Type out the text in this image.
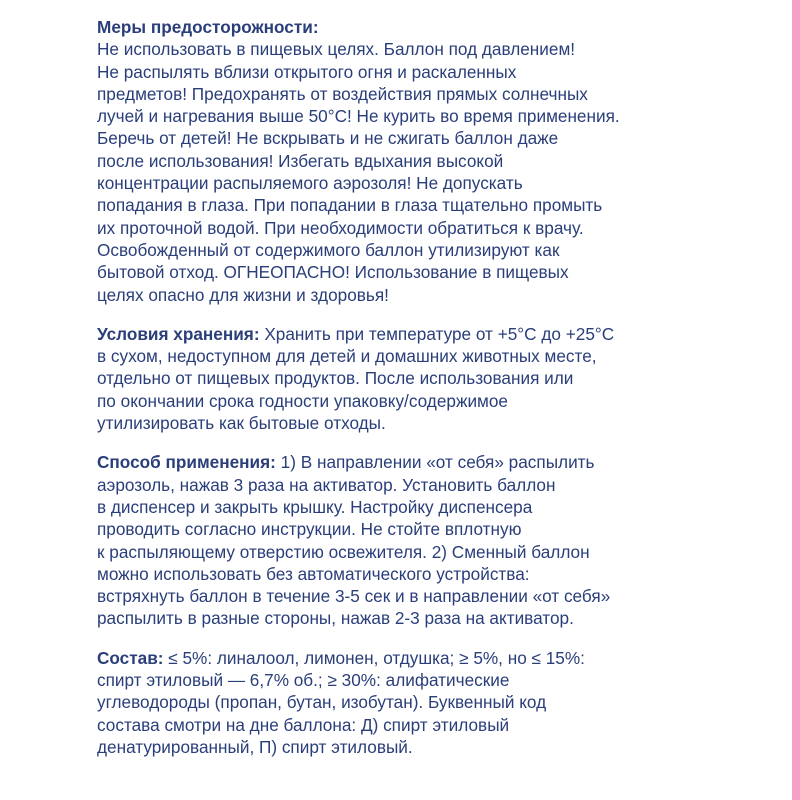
Меры предосторожности:
Не использовать в пищевых целях. Баллон под давлением!
Не распылять вблизи открытого огня и раскаленных
предметов! Предохранять от воздействия прямых солнечных
лучей и нагревания выше 50°С! Не курить во время применения.
Беречь от детей! Не вскрывать и не сжигать баллон даже
после использования! Избегать вдыхания высокой
концентрации распыляемого аэрозоля! Не допускать
попадания в глаза. При попадании в глаза тщательно промыть
их проточной водой. При необходимости обратиться к врачу.
Освобожденный от содержимого баллон утилизируют как
бытовой отход. ОГНЕОПАСНО! Использование в пищевых
целях опасно для жизни и здоровья!
Условия хранения: Хранить при температуре от +5°С до +25°С
в сухом, недоступном для детей и домашних животных месте,
отдельно от пищевых продуктов. После использования или
по окончании срока годности упаковку/содержимое
утилизировать как бытовые отходы.
Способ применения: 1) В направлении «от себя» распылить
аэрозоль, нажав 3 раза на активатор. Установить баллон
в диспенсер и закрыть крышку. Настройку диспенсера
проводить согласно инструкции. Не стойте вплотную
к распыляющему отверстию освежителя. 2) Сменный баллон
можно использовать без автоматического устройства:
встряхнуть баллон в течение 3-5 сек и в направлении «от себя»
распылить в разные стороны, нажав 2-3 раза на активатор.
Состав: ≤ 5%: линалоол, лимонен, отдушка; ≥ 5%, но ≤ 15%:
спирт этиловый — 6,7% об.; ≥ 30%: алифатические
углеводороды (пропан, бутан, изобутан). Буквенный код
состава смотри на дне баллона: Д) спирт этиловый
денатурированный, П) спирт этиловый.
